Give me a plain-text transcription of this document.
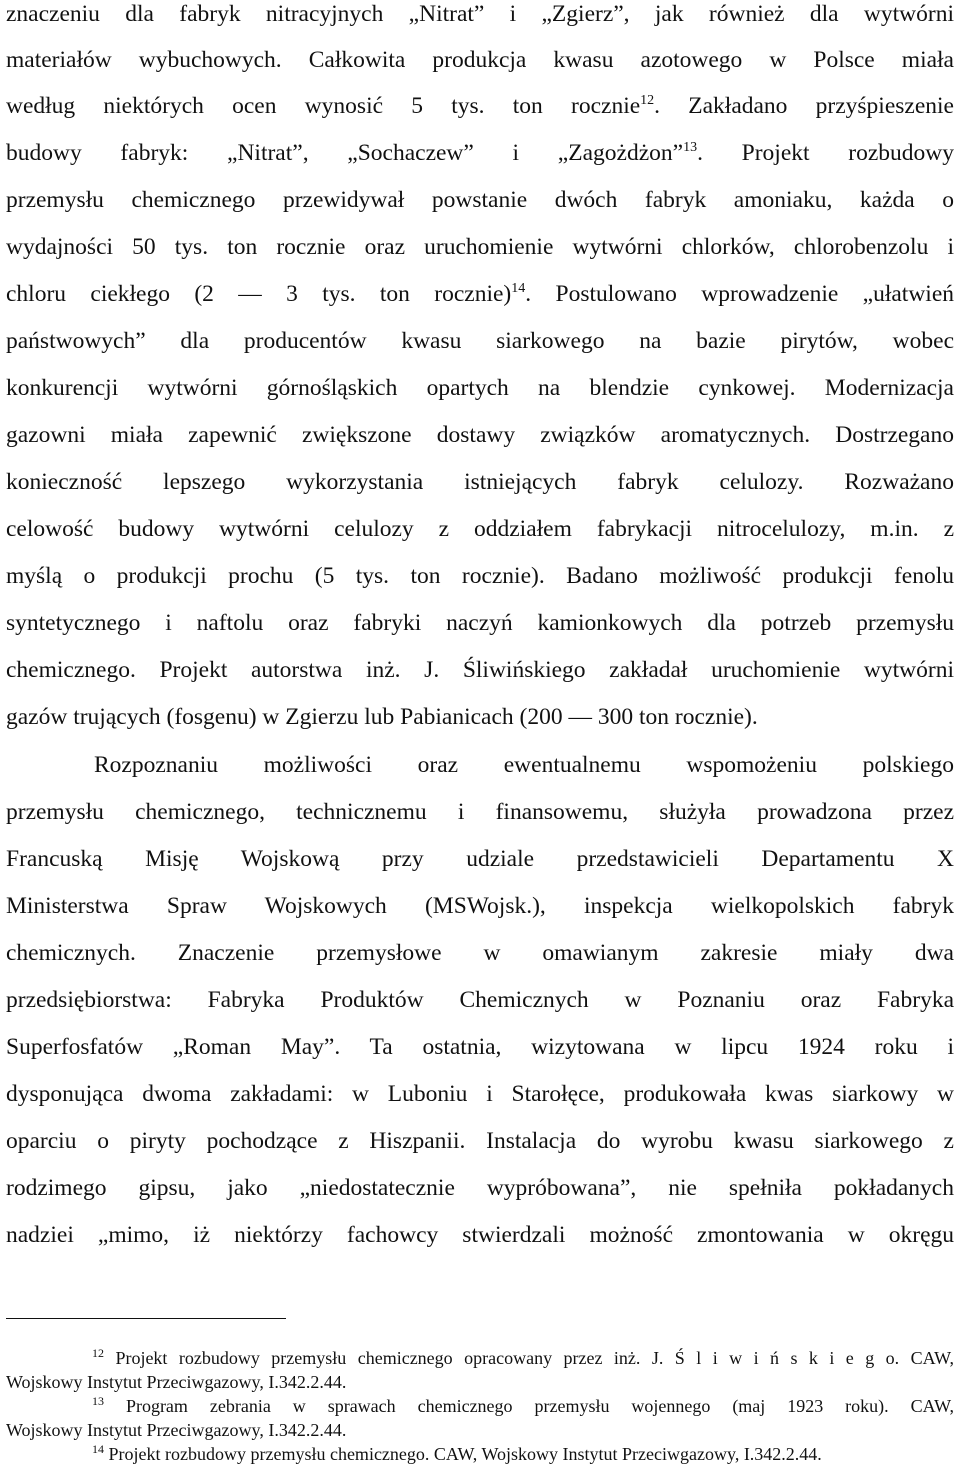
znaczeniu dla fabryk nitracyjnych „Nitrat” i „Zgierz”, jak również dla wytwórni
materiałów wybuchowych. Całkowita produkcja kwasu azotowego w Polsce miała
według niektórych ocen wynosić 5 tys. ton rocznie$^{12}$. Zakładano przyśpieszenie
budowy fabryk: „Nitrat”, „Sochaczew” i „Zagożdżon”$^{13}$. Projekt rozbudowy
przemysłu chemicznego przewidywał powstanie dwóch fabryk amoniaku, każda o
wydajności 50 tys. ton rocznie oraz uruchomienie wytwórni chlorków, chlorobenzolu i
chloru ciekłego (2 — 3 tys. ton rocznie)$^{14}$. Postulowano wprowadzenie „ułatwień
państwowych” dla producentów kwasu siarkowego na bazie pirytów, wobec
konkurencji wytwórni górnośląskich opartych na blendzie cynkowej. Modernizacja
gazowni miała zapewnić zwiększone dostawy związków aromatycznych. Dostrzegano
konieczność lepszego wykorzystania istniejących fabryk celulozy. Rozważano
celowość budowy wytwórni celulozy z oddziałem fabrykacji nitrocelulozy, m.in. z
myślą o produkcji prochu (5 tys. ton rocznie). Badano możliwość produkcji fenolu
syntetycznego i naftolu oraz fabryki naczyń kamionkowych dla potrzeb przemysłu
chemicznego. Projekt autorstwa inż. J. Śliwińskiego zakładał uruchomienie wytwórni
gazów trujących (fosgenu) w Zgierzu lub Pabianicach (200 — 300 ton rocznie).
Rozpoznaniu możliwości oraz ewentualnemu wspomożeniu polskiego
przemysłu chemicznego, technicznemu i finansowemu, służyła prowadzona przez
Francuską Misję Wojskową przy udziale przedstawicieli Departamentu X
Ministerstwa Spraw Wojskowych (MSWojsk.), inspekcja wielkopolskich fabryk
chemicznych. Znaczenie przemysłowe w omawianym zakresie miały dwa
przedsiębiorstwa: Fabryka Produktów Chemicznych w Poznaniu oraz Fabryka
Superfosfatów „Roman May”. Ta ostatnia, wizytowana w lipcu 1924 roku i
dysponująca dwoma zakładami: w Luboniu i Starołęce, produkowała kwas siarkowy w
oparciu o piryty pochodzące z Hiszpanii. Instalacja do wyrobu kwasu siarkowego z
rodzimego gipsu, jako „niedostatecznie wypróbowana”, nie spełniła pokładanych
nadziei „mimo, iż niektórzy fachowcy stwierdzali możność zmontowania w okręgu
$^{12}$ Projekt rozbudowy przemysłu chemicznego opracowany przez inż. J. Ś l i w i ń s k i e g o. CAW,
Wojskowy Instytut Przeciwgazowy, I.342.2.44.
$^{13}$ Program zebrania w sprawach chemicznego przemysłu wojennego (maj 1923 roku). CAW,
Wojskowy Instytut Przeciwgazowy, I.342.2.44.
$^{14}$ Projekt rozbudowy przemysłu chemicznego. CAW, Wojskowy Instytut Przeciwgazowy, I.342.2.44.
